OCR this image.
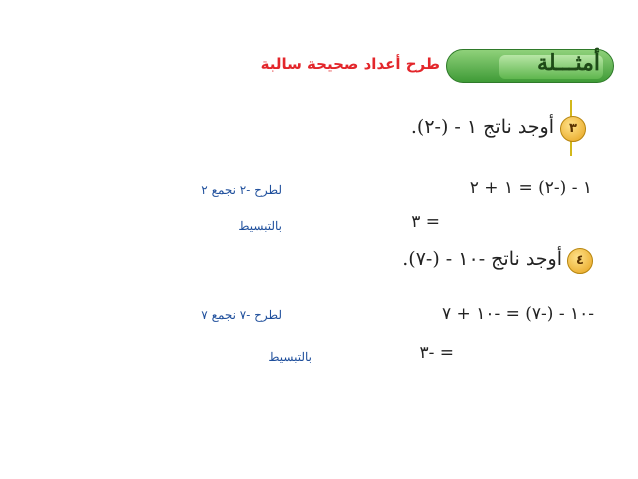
أمثـــلة
طرح أعداد صحيحة سالبة
٣
أوجد ناتج ١ - (-٢).
١ - (-٢) = ١ + ٢
لطرح -٢ نجمع ٢
= ٣
بالتبسيط
٤
أوجد ناتج -١٠ - (-٧).
-١٠ - (-٧) = -١٠ + ٧
لطرح -٧ نجمع ٧
= -٣
بالتبسيط
